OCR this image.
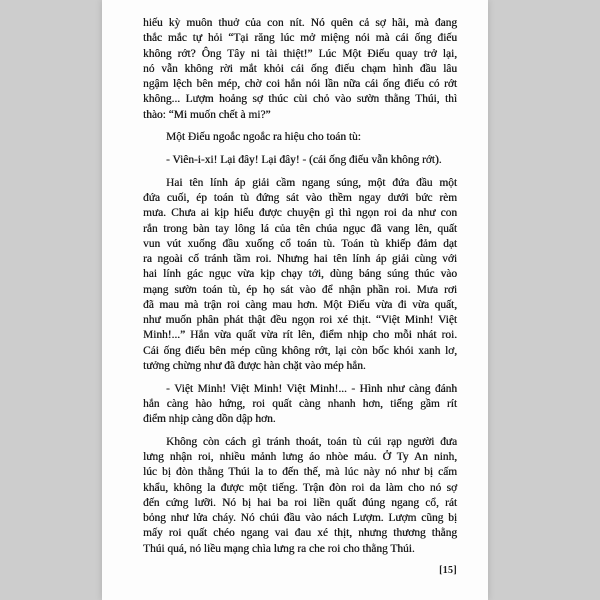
hiếu kỳ muôn thuở của con nít. Nó quên cả sợ hãi, mà đang
thắc mắc tự hỏi “Tại răng lúc mở miệng nói mà cái ống điếu
không rớt? Ông Tây ni tài thiệt!” Lúc Một Điếu quay trở lại,
nó vẫn không rời mắt khỏi cái ống điếu chạm hình đầu lâu
ngậm lệch bên mép, chờ coi hắn nói lần nữa cái ống điếu có rớt
không... Lượm hoảng sợ thúc cùi chỏ vào sườn thằng Thúi, thì
thào: “Mi muốn chết à mi?”
Một Điếu ngoắc ngoắc ra hiệu cho toán tù:
- Viên-i-xi! Lại đây! Lại đây! - (cái ống điếu vẫn không rớt).
Hai tên lính áp giải cầm ngang súng, một đứa đầu một
đứa cuối, ép toán tù đứng sát vào thềm ngay dưới bức rèm
mưa. Chưa ai kịp hiểu được chuyện gì thì ngọn roi da như con
rắn trong bàn tay lông lá của tên chúa ngục đã vang lên, quất
vun vút xuống đầu xuống cổ toán tù. Toán tù khiếp đảm dạt
ra ngoài cố tránh tầm roi. Nhưng hai tên lính áp giải cùng với
hai lính gác ngục vừa kịp chạy tới, dùng báng súng thúc vào
mạng sườn toán tù, ép họ sát vào để nhận phần roi. Mưa rơi
đã mau mà trận roi càng mau hơn. Một Điếu vừa đi vừa quất,
như muốn phân phát thật đều ngọn roi xé thịt. “Việt Minh! Việt
Minh!...” Hắn vừa quất vừa rít lên, điểm nhịp cho mỗi nhát roi.
Cái ống điếu bên mép cũng không rớt, lại còn bốc khói xanh lơ,
tưởng chừng như đã được hàn chặt vào mép hắn.
- Việt Minh! Việt Minh! Việt Minh!... - Hình như càng đánh
hắn càng hào hứng, roi quất càng nhanh hơn, tiếng gầm rít
điểm nhịp càng dồn dập hơn.
Không còn cách gì tránh thoát, toán tù cúi rạp người đưa
lưng nhận roi, nhiều mảnh lưng áo nhòe máu. Ở Ty An ninh,
lúc bị đòn thằng Thúi la to đến thế, mà lúc này nó như bị cấm
khẩu, không la được một tiếng. Trận đòn roi da làm cho nó sợ
đến cứng lưỡi. Nó bị hai ba roi liền quất đúng ngang cổ, rát
bỏng như lửa cháy. Nó chúi đầu vào nách Lượm. Lượm cũng bị
mấy roi quất chéo ngang vai đau xé thịt, nhưng thương thằng
Thúi quá, nó liều mạng chìa lưng ra che roi cho thằng Thúi.
[15]
